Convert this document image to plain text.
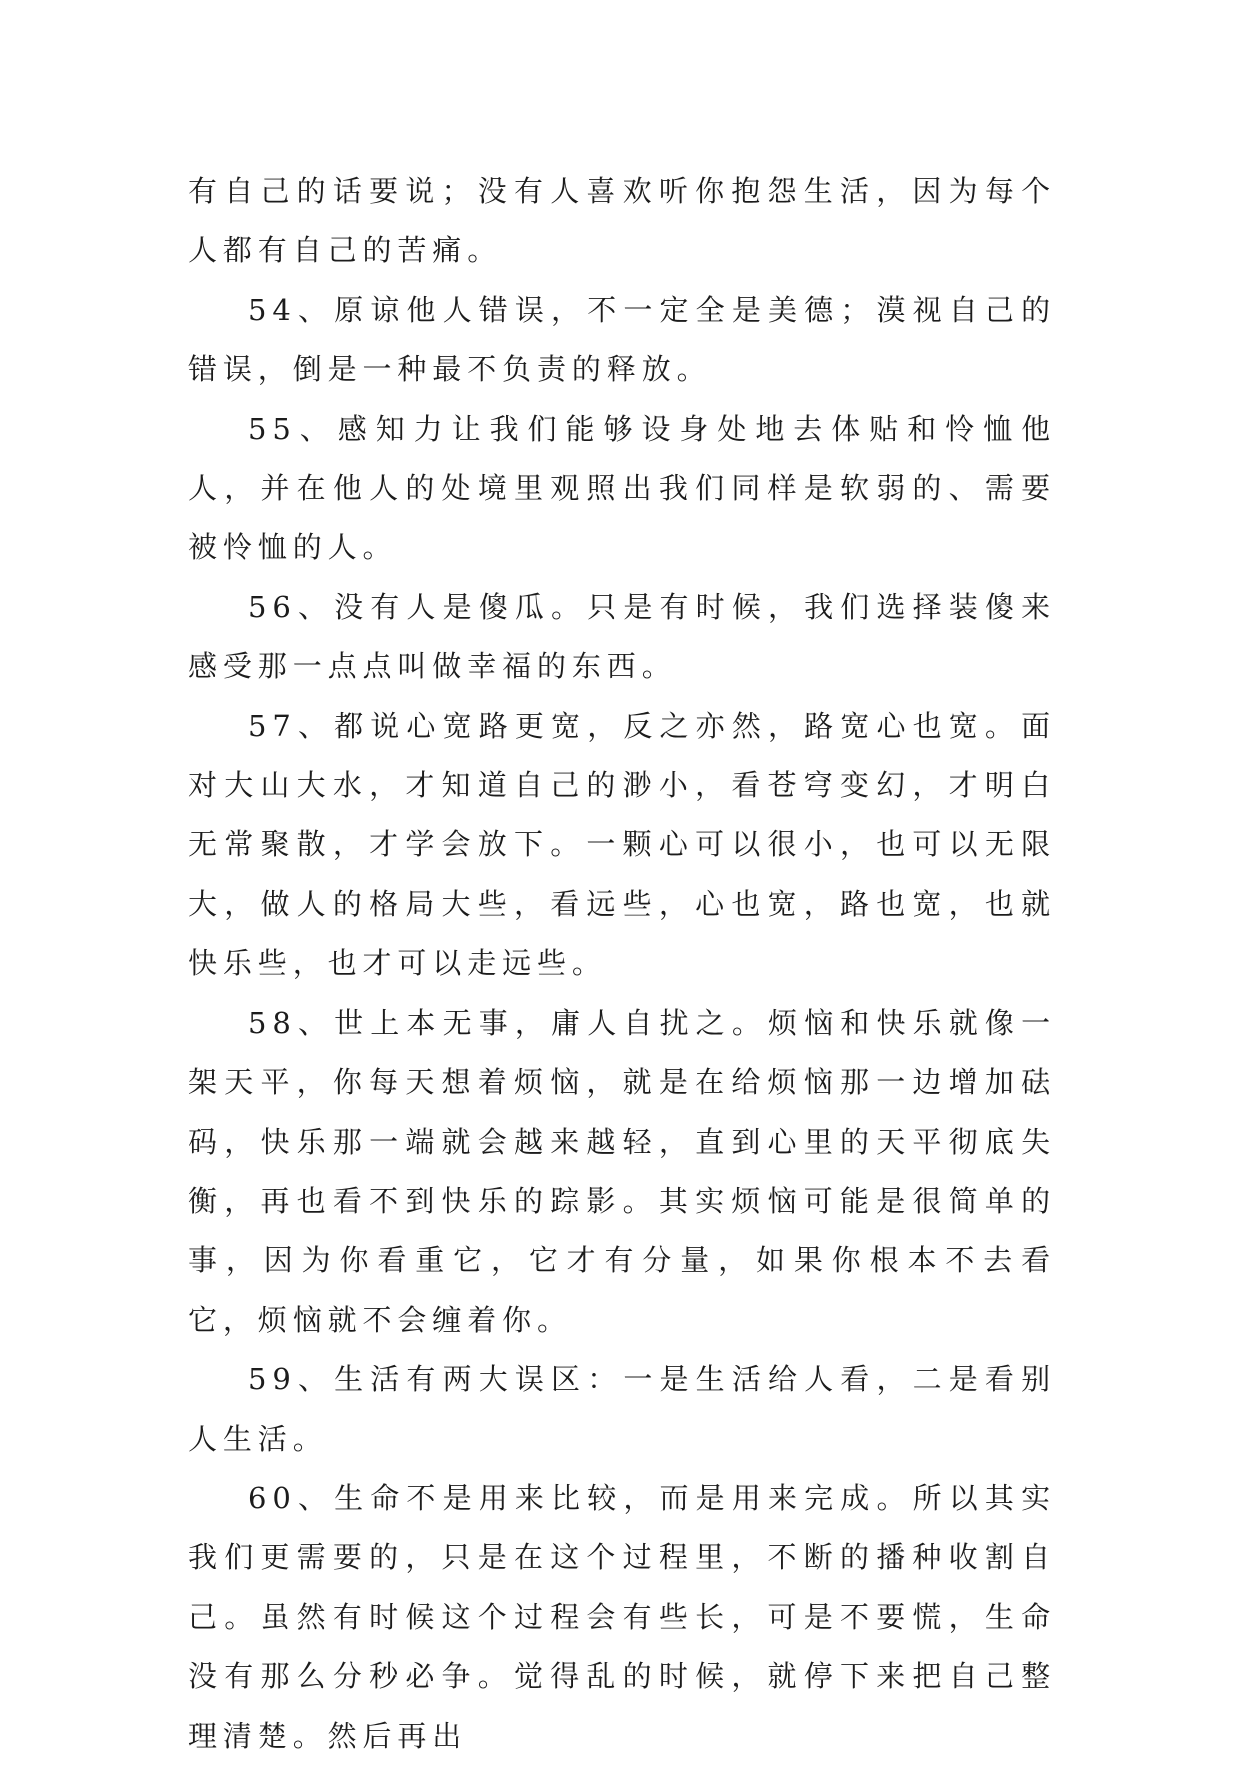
有自己的话要说；没有人喜欢听你抱怨生活，因为每个人都有自己的苦痛。

54、原谅他人错误，不一定全是美德；漠视自己的错误，倒是一种最不负责的释放。

55、感知力让我们能够设身处地去体贴和怜恤他人，并在他人的处境里观照出我们同样是软弱的、需要被怜恤的人。

56、没有人是傻瓜。只是有时候，我们选择装傻来感受那一点点叫做幸福的东西。

57、都说心宽路更宽，反之亦然，路宽心也宽。面对大山大水，才知道自己的渺小，看苍穹变幻，才明白无常聚散，才学会放下。一颗心可以很小，也可以无限大，做人的格局大些，看远些，心也宽，路也宽，也就快乐些，也才可以走远些。

58、世上本无事，庸人自扰之。烦恼和快乐就像一架天平，你每天想着烦恼，就是在给烦恼那一边增加砝码，快乐那一端就会越来越轻，直到心里的天平彻底失衡，再也看不到快乐的踪影。其实烦恼可能是很简单的事，因为你看重它，它才有分量，如果你根本不去看它，烦恼就不会缠着你。

59、生活有两大误区：一是生活给人看，二是看别人生活。

60、生命不是用来比较，而是用来完成。所以其实我们更需要的，只是在这个过程里，不断的播种收割自己。虽然有时候这个过程会有些长，可是不要慌，生命没有那么分秒必争。觉得乱的时候，就停下来把自己整理清楚。然后再出
